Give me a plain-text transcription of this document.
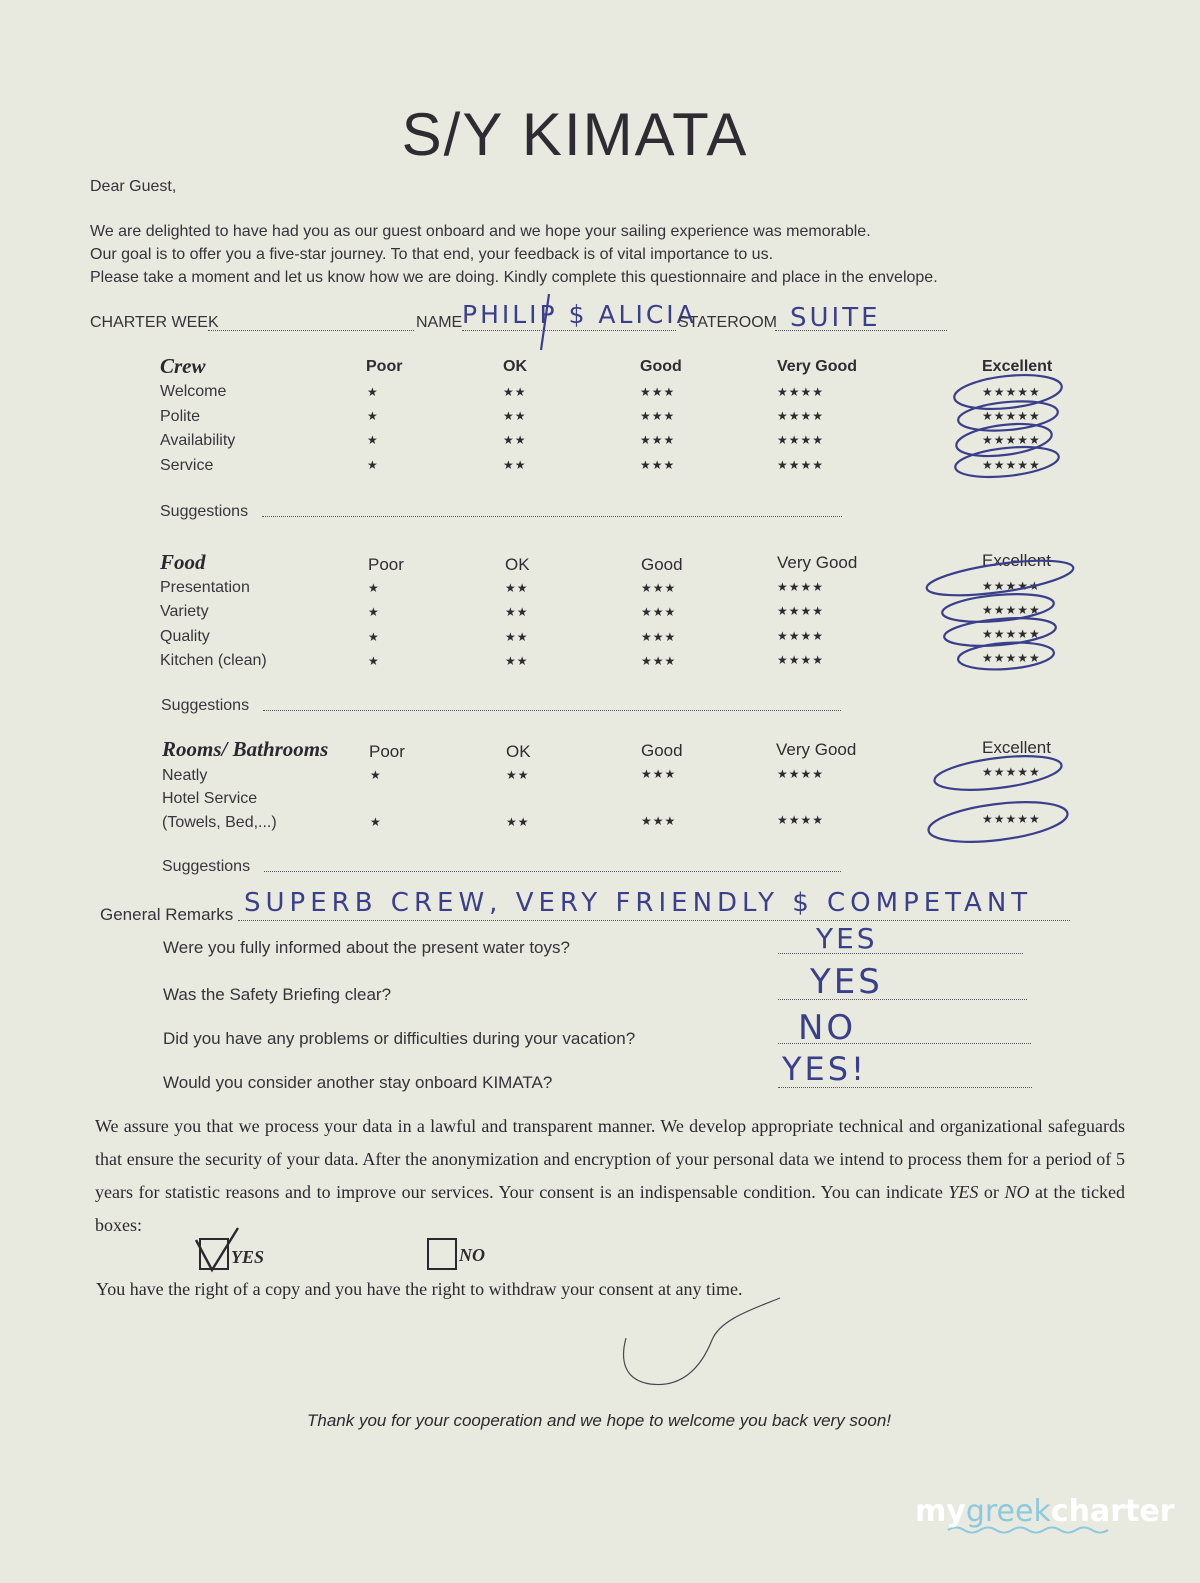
S/Y KIMATA
Dear Guest,
We are delighted to have had you as our guest onboard and we hope your sailing experience was memorable.
Our goal is to offer you a five-star journey. To that end, your feedback is of vital importance to us.
Please take a moment and let us know how we are doing. Kindly complete this questionnaire and place in the envelope.
CHARTER WEEK	NAME PHILIP $ ALICIA
STATEROOM SUITE
Crew	Poor	OK	Good	Very Good	Excellent
Welcome	★	★★	★★★	★★★★	★★★★★
Polite	★	★★	★★★	★★★★	★★★★★
Availability	★	★★	★★★	★★★★	★★★★★
Service	★	★★	★★★	★★★★	★★★★★
Suggestions
Food	Poor	OK	Good	Very Good	Excellent
Presentation	★	★★	★★★	★★★★	★★★★★
Variety	★	★★	★★★	★★★★	★★★★★
Quality	★	★★	★★★	★★★★	★★★★★
Kitchen (clean)	★	★★	★★★	★★★★	★★★★★
Suggestions
Rooms/ Bathrooms Poor	OK	Good	Very Good	Excellent
Neatly	★	★★	★★★	★★★★	★★★★★
Hotel Service
(Towels, Bed,...)	★	★★	★★★	★★★★	★★★★★
Suggestions
General Remarks SUPERB CREW, VERY FRIENDLY $ COMPETANT
Were you fully informed about the present water toys?	YES
Was the Safety Briefing clear?	YES
Did you have any problems or difficulties during your vacation?	NO
Would you consider another stay onboard KIMATA?	YES!
We assure you that we process your data in a lawful and transparent manner. We develop appropriate technical and organizational safeguards that ensure the security of your data. After the anonymization and encryption of your personal data we intend to process them for a period of 5 years for statistic reasons and to improve our services. Your consent is an indispensable condition. You can indicate YES or NO at the ticked boxes:
YES	NO
You have the right of a copy and you have the right to withdraw your consent at any time.
Thank you for your cooperation and we hope to welcome you back very soon!
mygreekcharter
